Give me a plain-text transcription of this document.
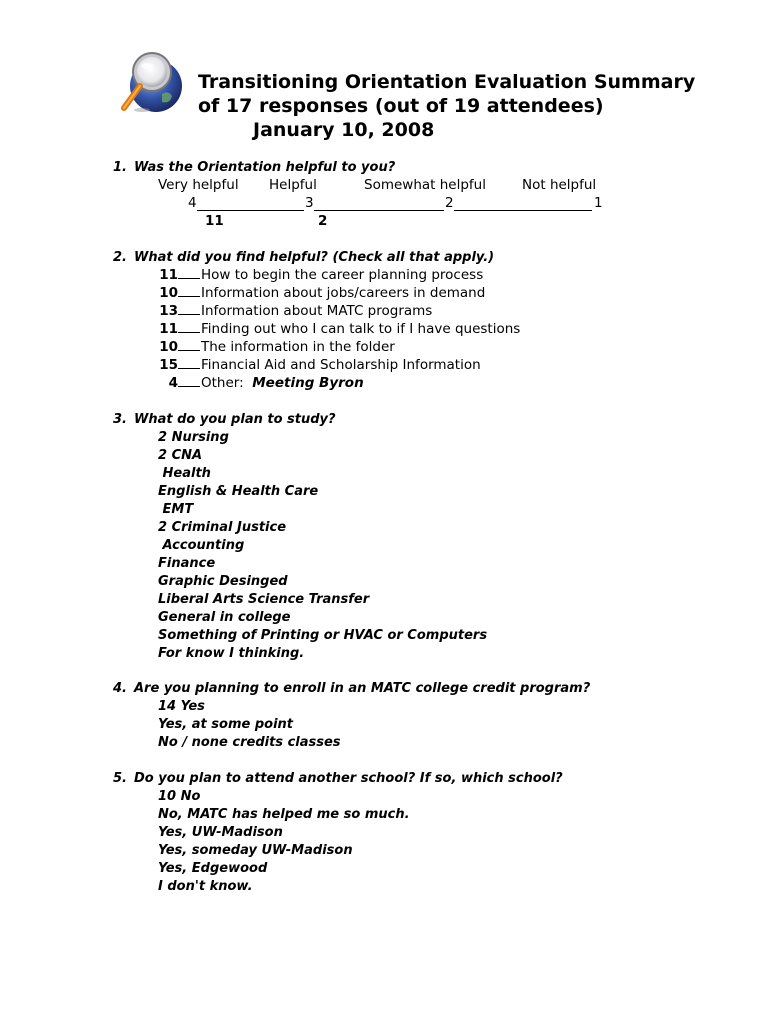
Transitioning Orientation Evaluation Summary
of 17 responses (out of 19 attendees)
January 10, 2008
1. Was the Orientation helpful to you?
Very helpful Helpful	Somewhat helpful	Not helpful
4	3	2	1
11	2
2. What did you find helpful? (Check all that apply.)
11 How to begin the career planning process
10 Information about jobs/careers in demand
13 Information about MATC programs
11 Finding out who I can talk to if I have questions
10 The information in the folder
15 Financial Aid and Scholarship Information
4 Other: Meeting Byron
3. What do you plan to study?
2 Nursing
2 CNA
Health
English & Health Care
EMT
2 Criminal Justice
Accounting
Finance
Graphic Desinged
Liberal Arts Science Transfer
General in college
Something of Printing or HVAC or Computers
For know I thinking.
4. Are you planning to enroll in an MATC college credit program?
14 Yes
Yes, at some point
No / none credits classes
5. Do you plan to attend another school? If so, which school?
10 No
No, MATC has helped me so much.
Yes, UW-Madison
Yes, someday UW-Madison
Yes, Edgewood
I don't know.
